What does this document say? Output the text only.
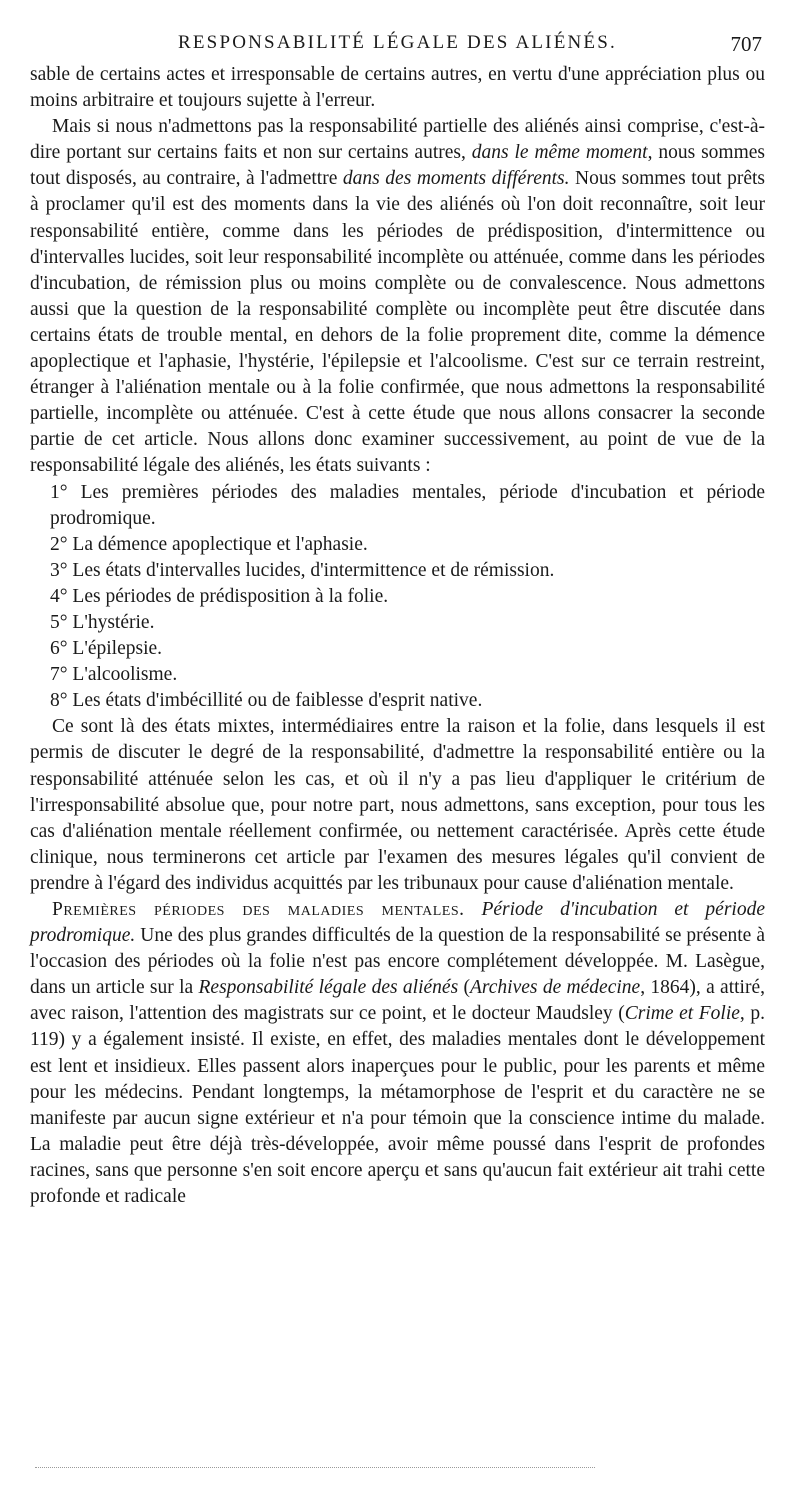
RESPONSABILITÉ LÉGALE DES ALIÉNÉS.	707

sable de certains actes et irresponsable de certains autres, en vertu d'une appréciation plus ou moins arbitraire et toujours sujette à l'erreur.

Mais si nous n'admettons pas la responsabilité partielle des aliénés ainsi comprise, c'est-à-dire portant sur certains faits et non sur certains autres, dans le même moment, nous sommes tout disposés, au contraire, à l'admettre dans des moments différents. Nous sommes tout prêts à proclamer qu'il est des moments dans la vie des aliénés où l'on doit reconnaître, soit leur responsabilité entière, comme dans les périodes de prédisposition, d'intermittence ou d'intervalles lucides, soit leur responsabilité incomplète ou atténuée, comme dans les périodes d'incubation, de rémission plus ou moins complète ou de convalescence. Nous admettons aussi que la question de la responsabilité complète ou incomplète peut être discutée dans certains états de trouble mental, en dehors de la folie proprement dite, comme la démence apoplectique et l'aphasie, l'hystérie, l'épilepsie et l'alcoolisme. C'est sur ce terrain restreint, étranger à l'aliénation mentale ou à la folie confirmée, que nous admettons la responsabilité partielle, incomplète ou atténuée. C'est à cette étude que nous allons consacrer la seconde partie de cet article. Nous allons donc examiner successivement, au point de vue de la responsabilité légale des aliénés, les états suivants :

1° Les premières périodes des maladies mentales, période d'incubation et période prodromique.

2° La démence apoplectique et l'aphasie.

3° Les états d'intervalles lucides, d'intermittence et de rémission.

4° Les périodes de prédisposition à la folie.

5° L'hystérie.

6° L'épilepsie.

7° L'alcoolisme.

8° Les états d'imbécillité ou de faiblesse d'esprit native.

Ce sont là des états mixtes, intermédiaires entre la raison et la folie, dans lesquels il est permis de discuter le degré de la responsabilité, d'admettre la responsabilité entière ou la responsabilité atténuée selon les cas, et où il n'y a pas lieu d'appliquer le critérium de l'irresponsabilité absolue que, pour notre part, nous admettons, sans exception, pour tous les cas d'aliénation mentale réellement confirmée, ou nettement caractérisée. Après cette étude clinique, nous terminerons cet article par l'examen des mesures légales qu'il convient de prendre à l'égard des individus acquittés par les tribunaux pour cause d'aliénation mentale.

Premières périodes des maladies mentales. Période d'incubation et période prodromique. Une des plus grandes difficultés de la question de la responsabilité se présente à l'occasion des périodes où la folie n'est pas encore complétement développée. M. Lasègue, dans un article sur la Responsabilité légale des aliénés (Archives de médecine, 1864), a attiré, avec raison, l'attention des magistrats sur ce point, et le docteur Maudsley (Crime et Folie, p. 119) y a également insisté. Il existe, en effet, des maladies mentales dont le développement est lent et insidieux. Elles passent alors inaperçues pour le public, pour les parents et même pour les médecins. Pendant longtemps, la métamorphose de l'esprit et du caractère ne se manifeste par aucun signe extérieur et n'a pour témoin que la conscience intime du malade. La maladie peut être déjà très-développée, avoir même poussé dans l'esprit de profondes racines, sans que personne s'en soit encore aperçu et sans qu'aucun fait extérieur ait trahi cette profonde et radicale
